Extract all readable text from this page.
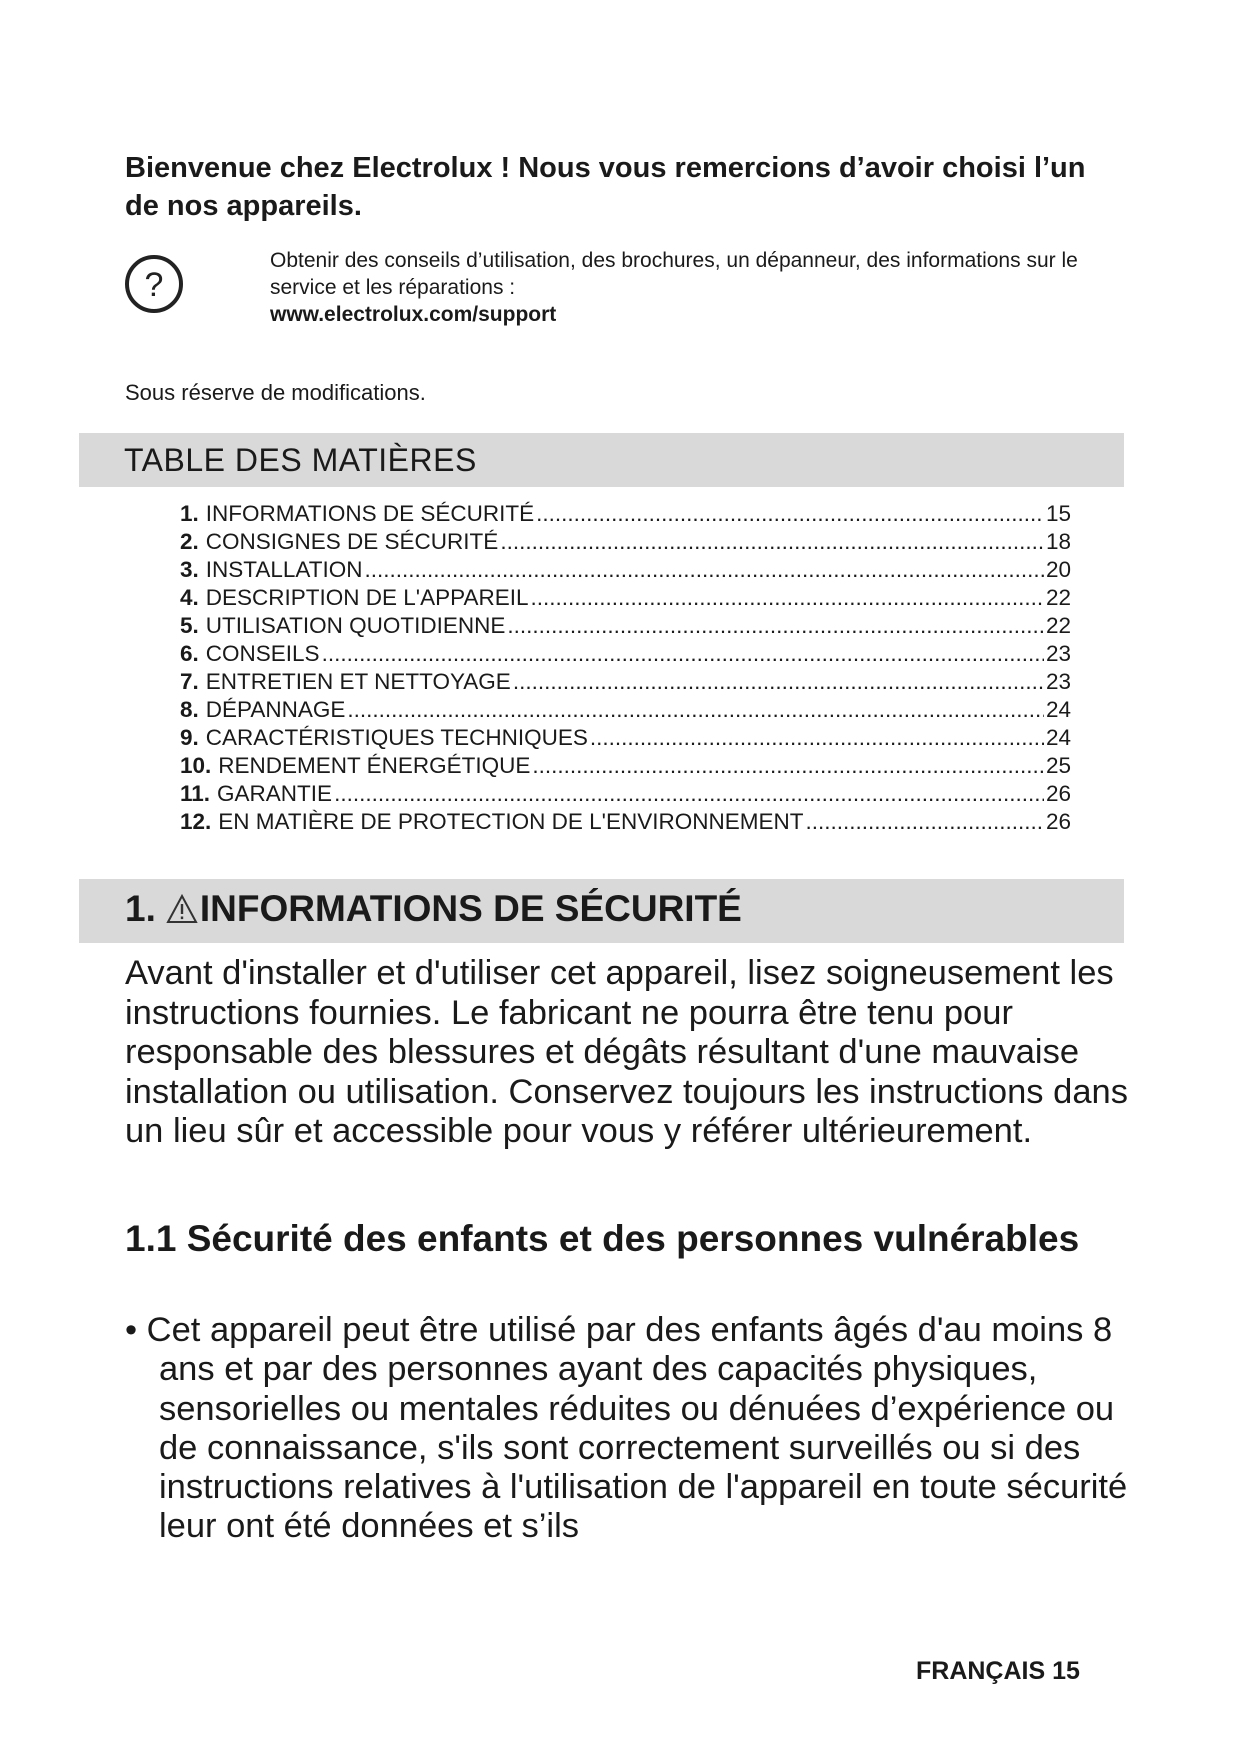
Bienvenue chez Electrolux ! Nous vous remercions d’avoir choisi l’un de nos appareils.
?
Obtenir des conseils d’utilisation, des brochures, un dépanneur, des informations sur le service et les réparations :
www.electrolux.com/support
Sous réserve de modifications.
TABLE DES MATIÈRES
1. INFORMATIONS DE SÉCURITÉ .....	15
2. CONSIGNES DE SÉCURITÉ .....	18
3. INSTALLATION .....	20
4. DESCRIPTION DE L'APPAREIL .....	22
5. UTILISATION QUOTIDIENNE .....	22
6. CONSEILS .....	23
7. ENTRETIEN ET NETTOYAGE .....	23
8. DÉPANNAGE .....	24
9. CARACTÉRISTIQUES TECHNIQUES .....	24
10. RENDEMENT ÉNERGÉTIQUE .....	25
11. GARANTIE .....	26
12. EN MATIÈRE DE PROTECTION DE L'ENVIRONNEMENT .....	26
1. INFORMATIONS DE SÉCURITÉ
Avant d'installer et d'utiliser cet appareil, lisez soigneusement les instructions fournies. Le fabricant ne pourra être tenu pour responsable des blessures et dégâts résultant d'une mauvaise installation ou utilisation. Conservez toujours les instructions dans un lieu sûr et accessible pour vous y référer ultérieurement.
1.1 Sécurité des enfants et des personnes vulnérables
• Cet appareil peut être utilisé par des enfants âgés d'au moins 8 ans et par des personnes ayant des capacités physiques, sensorielles ou mentales réduites ou dénuées d’expérience ou de connaissance, s'ils sont correctement surveillés ou si des instructions relatives à l'utilisation de l'appareil en toute sécurité leur ont été données et s’ils
FRANÇAIS 15
